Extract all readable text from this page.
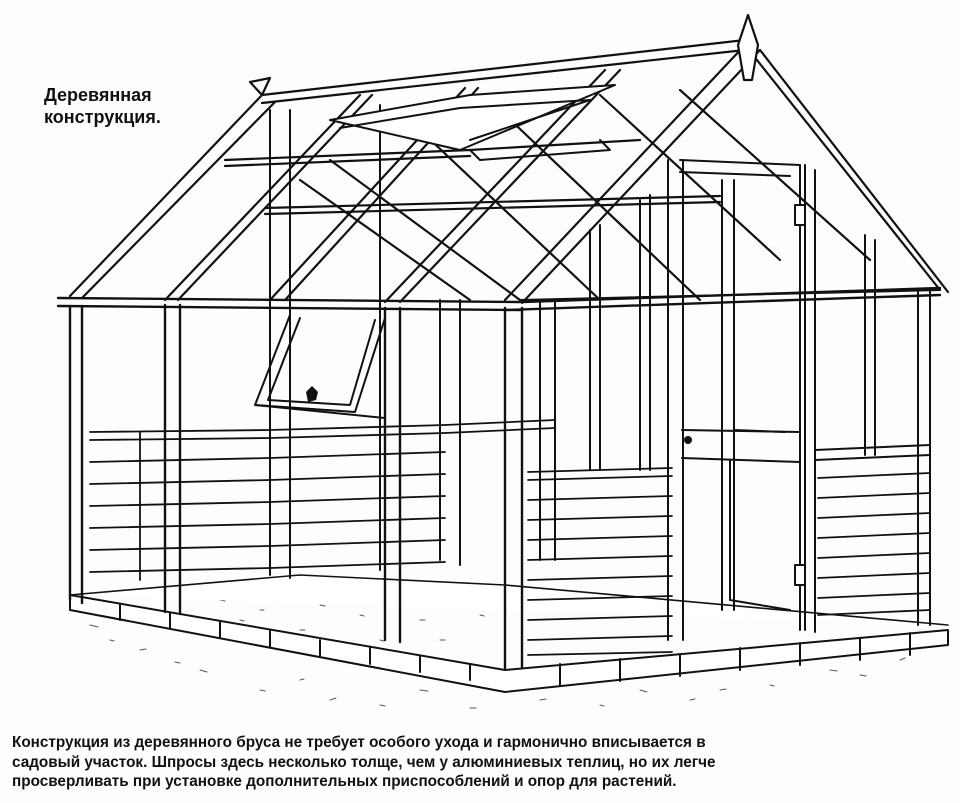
Деревянная
конструкция.
Конструкция из деревянного бруса не требует особого ухода и гармонично вписывается в
садовый участок. Шпросы здесь несколько толще, чем у алюминиевых теплиц, но их легче
просверливать при установке дополнительных приспособлений и опор для растений.
